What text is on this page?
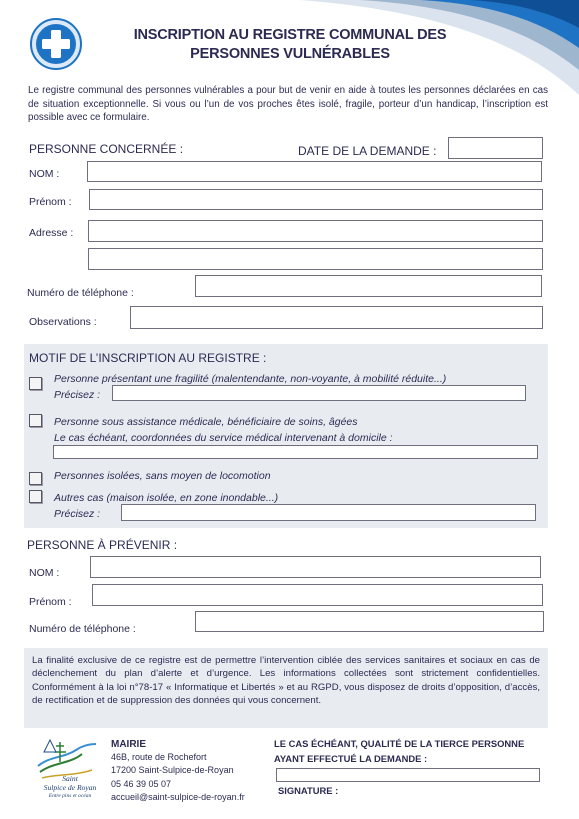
INSCRIPTION AU REGISTRE COMMUNAL DES
PERSONNES VULNÉRABLES
Le registre communal des personnes vulnérables a pour but de venir en aide à toutes les personnes déclarées en cas de situation exceptionnelle. Si vous ou l’un de vos proches êtes isolé, fragile, porteur d’un handicap, l’inscription est possible avec ce formulaire.
PERSONNE CONCERNÉE :	DATE DE LA DEMANDE :
NOM :
Prénom :
Adresse :
Numéro de téléphone :
Observations :
MOTIF DE L’INSCRIPTION AU REGISTRE :
Personne présentant une fragilité (malentendante, non-voyante, à mobilité réduite...)
Précisez :
Personne sous assistance médicale, bénéficiaire de soins, âgées
Le cas échéant, coordonnées du service médical intervenant à domicile :
Personnes isolées, sans moyen de locomotion
Autres cas (maison isolée, en zone inondable...)
Précisez :
PERSONNE À PRÉVENIR :
NOM :
Prénom :
Numéro de téléphone :
La finalité exclusive de ce registre est de permettre l’intervention ciblée des services sanitaires et sociaux en cas de déclenchement du plan d’alerte et d’urgence. Les informations collectées sont strictement confidentielles. Conformément à la loi n°78-17 « Informatique et Libertés » et au RGPD, vous disposez de droits d’opposition, d’accès, de rectification et de suppression des données qui vous concernent.
Saint
Sulpice de Royan
Entre pins et océan
MAIRIE
46B, route de Rochefort
17200 Saint-Sulpice-de-Royan
05 46 39 05 07
accueil@saint-sulpice-de-royan.fr
LE CAS ÉCHÉANT, QUALITÉ DE LA TIERCE PERSONNE
AYANT EFFECTUÉ LA DEMANDE :
SIGNATURE :
